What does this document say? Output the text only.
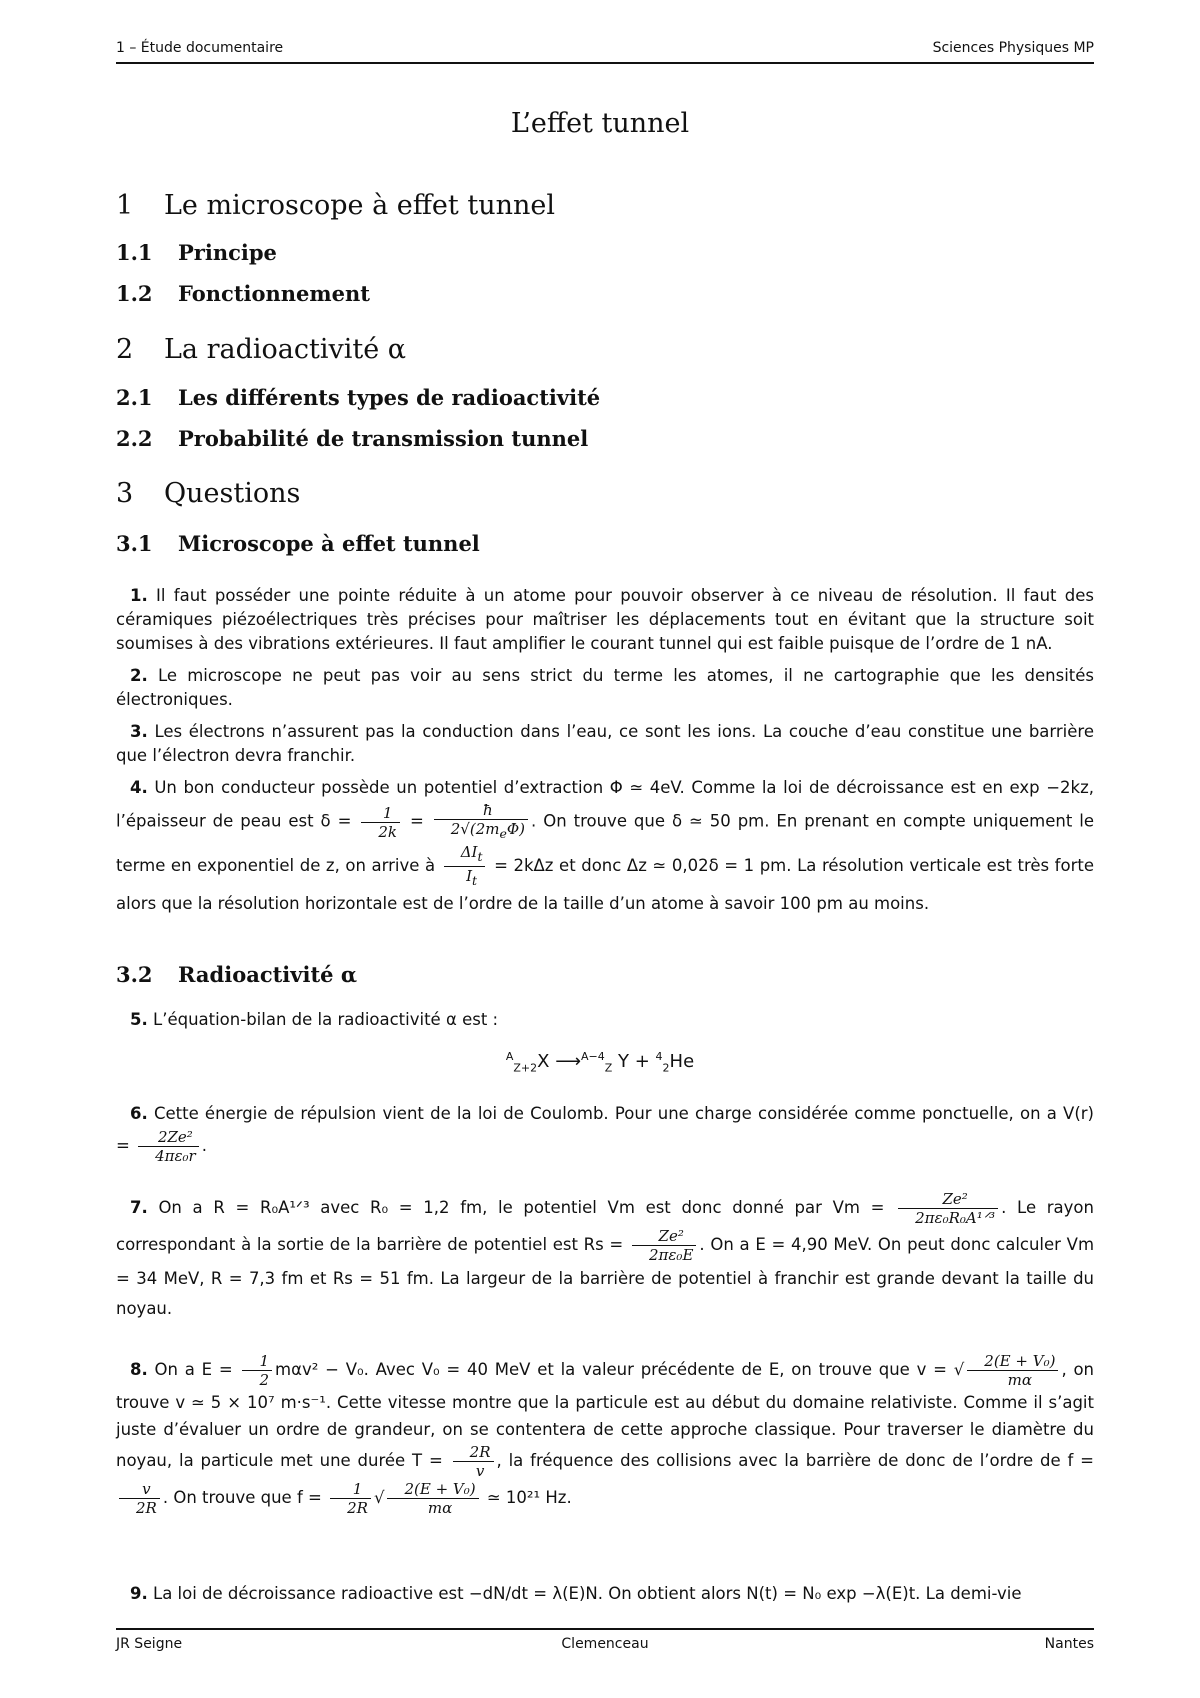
1 – Étude documentaire	Sciences Physiques MP
L’effet tunnel
1 Le microscope à effet tunnel
1.1 Principe
1.2 Fonctionnement
2 La radioactivité α
2.1 Les différents types de radioactivité
2.2 Probabilité de transmission tunnel
3 Questions
3.1 Microscope à effet tunnel
1. Il faut posséder une pointe réduite à un atome pour pouvoir observer à ce niveau de résolution. Il faut des céramiques piézoélectriques très précises pour maîtriser les déplacements tout en évitant que la structure soit soumises à des vibrations extérieures. Il faut amplifier le courant tunnel qui est faible puisque de l’ordre de 1 nA.
2. Le microscope ne peut pas voir au sens strict du terme les atomes, il ne cartographie que les densités électroniques.
3. Les électrons n’assurent pas la conduction dans l’eau, ce sont les ions. La couche d’eau constitue une barrière que l’électron devra franchir.
4. Un bon conducteur possède un potentiel d’extraction Φ ≃ 4eV. Comme la loi de décroissance est en exp −2kz, l’épaisseur de peau est $\delta = \frac{1}{2k} = \frac{ħ}{2√(2m_e\Phi)}$ . On trouve que δ ≃ 50 pm. En prenant en compte uniquement le terme en exponentiel de z, on arrive à $\frac{\Delta I_t}{I_t} = 2k\Delta z$ et donc Δz ≃ 0,02δ = 1 pm. La résolution verticale est très forte alors que la résolution horizontale est de l’ordre de la taille d’un atome à savoir 100 pm au moins.
3.2 Radioactivité α
5. L’équation-bilan de la radioactivité α est :
$^A_{Z+2}$X ⟶$^{A-4}_Z$ Y + $^4_2$He
6. Cette énergie de répulsion vient de la loi de Coulomb. Pour une charge considérée comme ponctuelle, on a $V(r) = \frac{\text{2Ze²}}{\text{4πε₀r}}$ .
7. On a R = R₀A¹ᐟ³ avec R₀ = 1,2 fm, le potentiel Vm est donc donné par $Vm = \frac{\text{Ze²}}{\text{2πε₀R₀A¹ᐟ³}}$ . Le rayon correspondant à la sortie de la barrière de potentiel est $Rs = \frac{\text{Ze²}}{\text{2πε₀E}}$ . On a E = 4,90 MeV. On peut donc calculer Vm = 34 MeV, R = 7,3 fm et Rs = 51 fm. La largeur de la barrière de potentiel à franchir est grande devant la taille du noyau.
8. On a $E = \frac{1}{2} m\alpha v^2 - V_0$. Avec V₀ = 40 MeV et la valeur précédente de E, on trouve que v = √ $\frac{\text{2(E + V₀)}}{m\alpha}$ , on trouve v ≃ 5 × 10⁷ m·s⁻¹. Cette vitesse montre que la particule est au début du domaine relativiste. Comme il s’agit juste d’évaluer un ordre de grandeur, on se contentera de cette approche classique. Pour traverser le diamètre du noyau, la particule met une durée $T = \frac{2R}{v}$ , la fréquence des collisions avec la barrière de donc de l’ordre de f =
$\frac{v}{2R}$ . On trouve que $f = \frac{1}{2R}$ √ $\frac{\text{2(E + V₀)}}{m\alpha}$ ≃ 10²¹ Hz.
9. La loi de décroissance radioactive est −dN/dt = λ(E)N. On obtient alors N(t) = N₀ exp −λ(E)t. La demi-vie
JR Seigne	Clemenceau	Nantes
